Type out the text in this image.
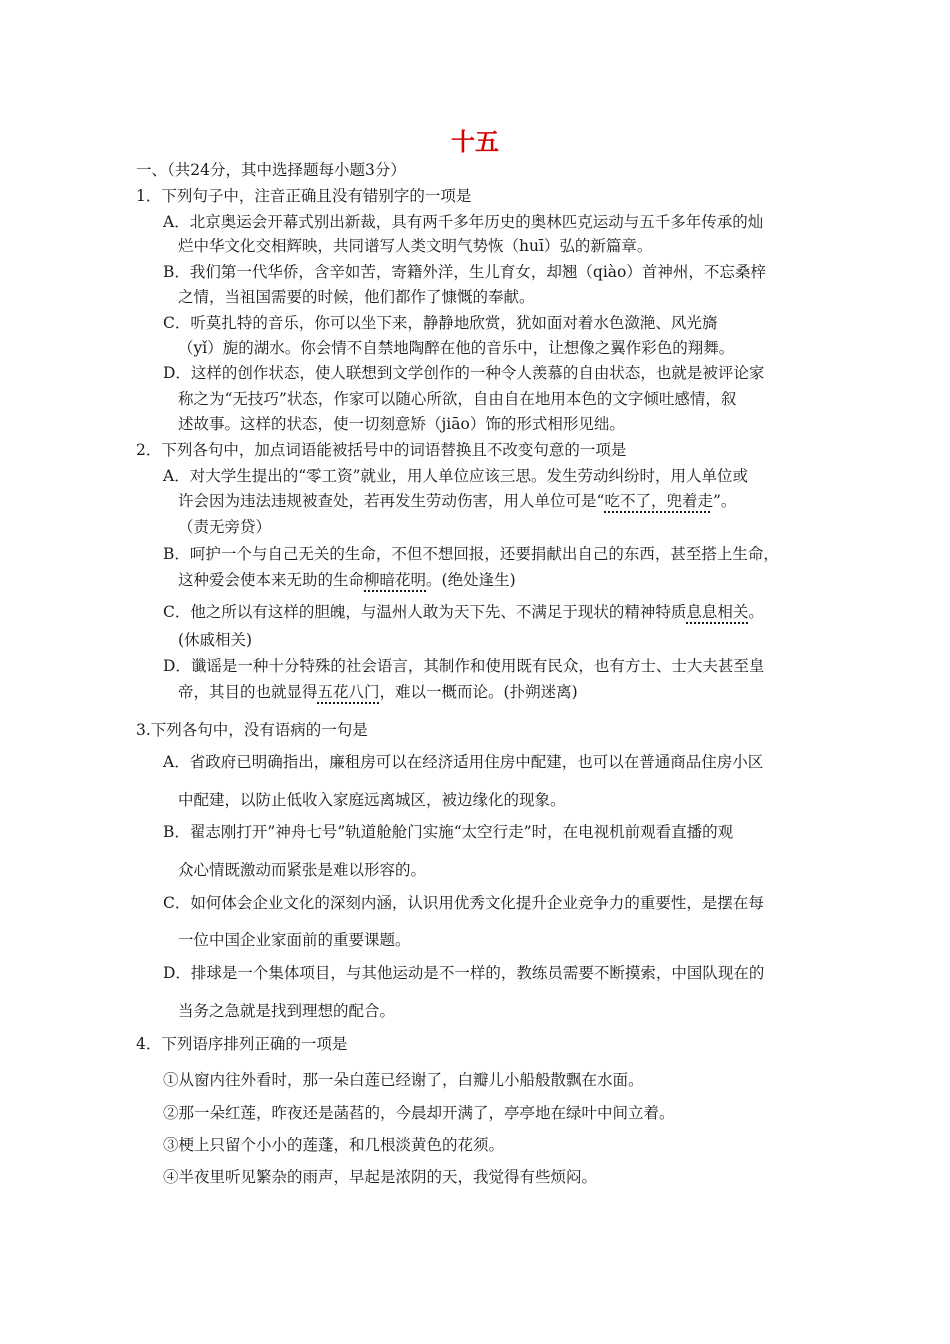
十五
一、（共24分，其中选择题每小题3分）
1．下列句子中，注音正确且没有错别字的一项是
A．北京奥运会开幕式别出新裁，具有两千多年历史的奥林匹克运动与五千多年传承的灿
烂中华文化交相辉映，共同谱写人类文明气势恢（huī）弘的新篇章。
B．我们第一代华侨，含辛如苦，寄籍外洋，生儿育女，却翘（qiào）首神州，不忘桑梓
之情，当祖国需要的时候，他们都作了慷慨的奉献。
C．听莫扎特的音乐，你可以坐下来，静静地欣赏，犹如面对着水色潋滟、风光旖
（yǐ）旎的湖水。你会情不自禁地陶醉在他的音乐中，让想像之翼作彩色的翔舞。
D．这样的创作状态，使人联想到文学创作的一种令人羡慕的自由状态，也就是被评论家
称之为“无技巧”状态，作家可以随心所欲，自由自在地用本色的文字倾吐感情，叙
述故事。这样的状态，使一切刻意矫（jiāo）饰的形式相形见绌。
2．下列各句中，加点词语能被括号中的词语替换且不改变句意的一项是
A．对大学生提出的“零工资”就业，用人单位应该三思。发生劳动纠纷时，用人单位或
许会因为违法违规被查处，若再发生劳动伤害，用人单位可是“吃不了，兜着走”。
（责无旁贷）
B．呵护一个与自己无关的生命，不但不想回报，还要捐献出自己的东西，甚至搭上生命，
这种爱会使本来无助的生命柳暗花明。(绝处逢生)
C．他之所以有这样的胆魄，与温州人敢为天下先、不满足于现状的精神特质息息相关。
(休戚相关)
D．谶谣是一种十分特殊的社会语言，其制作和使用既有民众，也有方士、士大夫甚至皇
帝，其目的也就显得五花八门，难以一概而论。(扑朔迷离)
3.下列各句中，没有语病的一句是
A．省政府已明确指出，廉租房可以在经济适用住房中配建，也可以在普通商品住房小区
中配建，以防止低收入家庭远离城区，被边缘化的现象。
B．翟志刚打开”神舟七号”轨道舱舱门实施“太空行走”时，在电视机前观看直播的观
众心情既激动而紧张是难以形容的。
C．如何体会企业文化的深刻内涵，认识用优秀文化提升企业竞争力的重要性，是摆在每
一位中国企业家面前的重要课题。
D．排球是一个集体项目，与其他运动是不一样的，教练员需要不断摸索，中国队现在的
当务之急就是找到理想的配合。
4．下列语序排列正确的一项是
①从窗内往外看时，那一朵白莲已经谢了，白瓣儿小船般散飘在水面。
②那一朵红莲，昨夜还是菡萏的，今晨却开满了，亭亭地在绿叶中间立着。
③梗上只留个小小的莲蓬，和几根淡黄色的花须。
④半夜里听见繁杂的雨声，早起是浓阴的天，我觉得有些烦闷。
